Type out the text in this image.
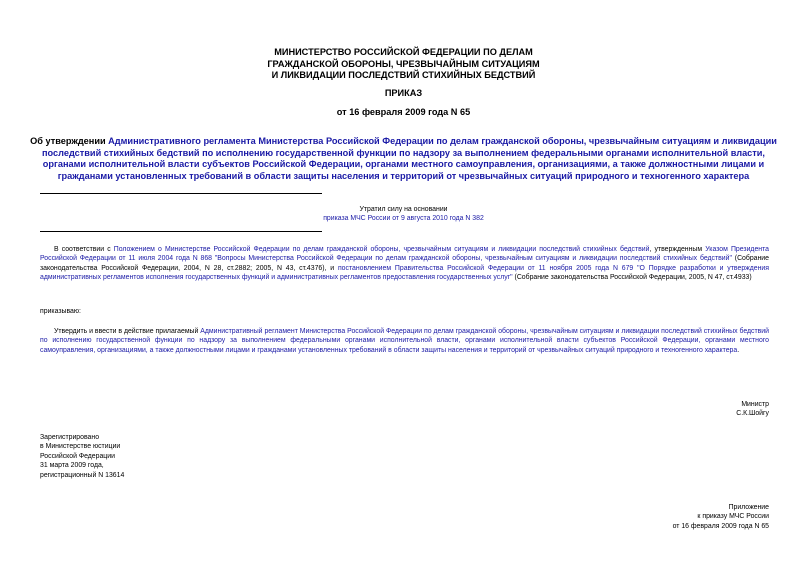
МИНИСТЕРСТВО РОССИЙСКОЙ ФЕДЕРАЦИИ ПО ДЕЛАМ
ГРАЖДАНСКОЙ ОБОРОНЫ, ЧРЕЗВЫЧАЙНЫМ СИТУАЦИЯМ
И ЛИКВИДАЦИИ ПОСЛЕДСТВИЙ СТИХИЙНЫХ БЕДСТВИЙ
ПРИКАЗ
от 16 февраля 2009 года N 65
Об утверждении Административного регламента Министерства Российской Федерации по делам гражданской обороны, чрезвычайным ситуациям и ликвидации последствий стихийных бедствий по исполнению государственной функции по надзору за выполнением федеральными органами исполнительной власти, органами исполнительной власти субъектов Российской Федерации, органами местного самоуправления, организациями, а также должностными лицами и гражданами установленных требований в области защиты населения и территорий от чрезвычайных ситуаций природного и техногенного характера
Утратил силу на основании
приказа МЧС России от 9 августа 2010 года N 382
В соответствии с Положением о Министерстве Российской Федерации по делам гражданской обороны, чрезвычайным ситуациям и ликвидации последствий стихийных бедствий, утвержденным Указом Президента Российской Федерации от 11 июля 2004 года N 868 "Вопросы Министерства Российской Федерации по делам гражданской обороны, чрезвычайным ситуациям и ликвидации последствий стихийных бедствий" (Собрание законодательства Российской Федерации, 2004, N 28, ст.2882; 2005, N 43, ст.4376), и постановлением Правительства Российской Федерации от 11 ноября 2005 года N 679 "О Порядке разработки и утверждения административных регламентов исполнения государственных функций и административных регламентов предоставления государственных услуг" (Собрание законодательства Российской Федерации, 2005, N 47, ст.4933)
приказываю:
Утвердить и ввести в действие прилагаемый Административный регламент Министерства Российской Федерации по делам гражданской обороны, чрезвычайным ситуациям и ликвидации последствий стихийных бедствий по исполнению государственной функции по надзору за выполнением федеральными органами исполнительной власти, органами исполнительной власти субъектов Российской Федерации, органами местного самоуправления, организациями, а также должностными лицами и гражданами установленных требований в области защиты населения и территорий от чрезвычайных ситуаций природного и техногенного характера.
Министр
С.К.Шойгу
Зарегистрировано
в Министерстве юстиции
Российской Федерации
31 марта 2009 года,
регистрационный N 13614
Приложение
к приказу МЧС России
от 16 февраля 2009 года N 65
